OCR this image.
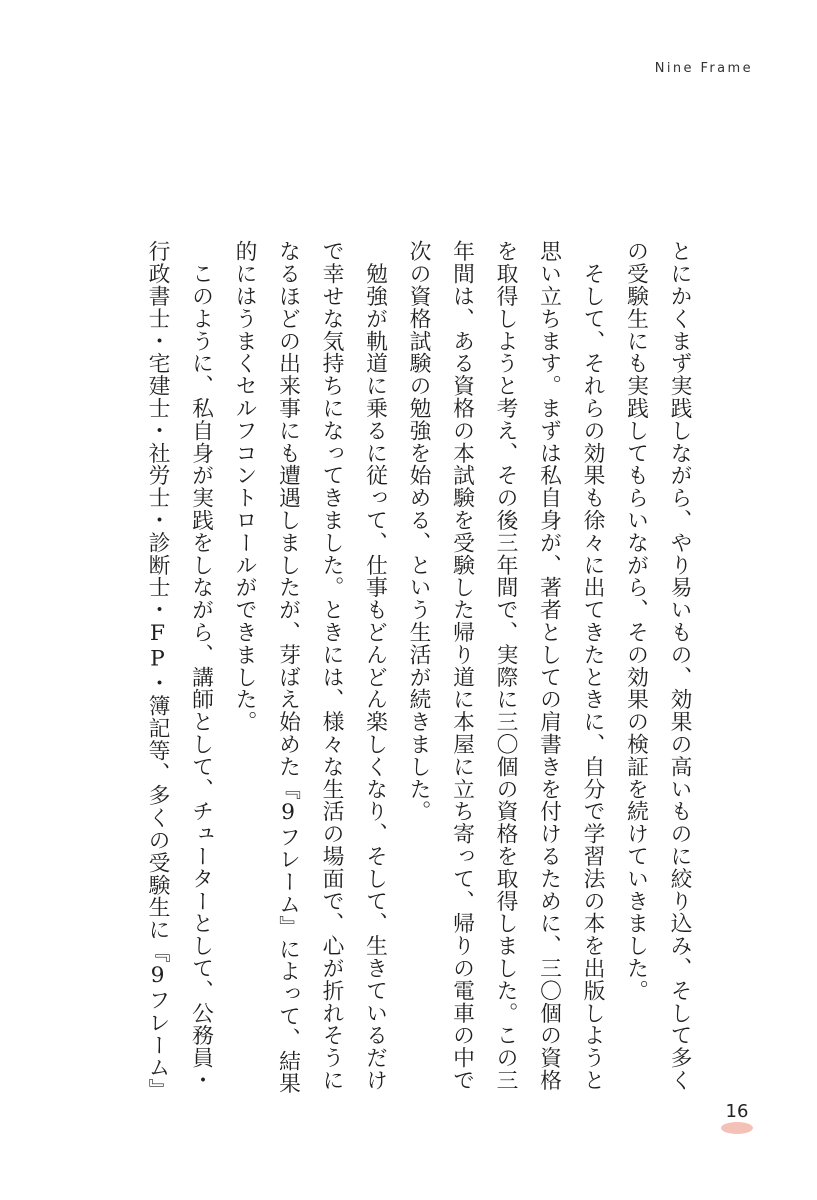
Nine Frame
とにかくまず実践しながら、やり易いもの、効果の高いものに絞り込み、そして多く
の受験生にも実践してもらいながら、その効果の検証を続けていきました。
　そして、それらの効果も徐々に出てきたときに、自分で学習法の本を出版しようと
思い立ちます。まずは私自身が、著者としての肩書きを付けるために、三〇個の資格
を取得しようと考え、その後三年間で、実際に三〇個の資格を取得しました。この三
年間は、ある資格の本試験を受験した帰り道に本屋に立ち寄って、帰りの電車の中で
次の資格試験の勉強を始める、という生活が続きました。
　勉強が軌道に乗るに従って、仕事もどんどん楽しくなり、そして、生きているだけ
で幸せな気持ちになってきました。ときには、様々な生活の場面で、心が折れそうに
なるほどの出来事にも遭遇しましたが、芽ばえ始めた『9フレーム』によって、結果
的にはうまくセルフコントロールができました。
　このように、私自身が実践をしながら、講師として、チューターとして、公務員・
行政書士・宅建士・社労士・診断士・FP・簿記等、多くの受験生に『9フレーム』
16
